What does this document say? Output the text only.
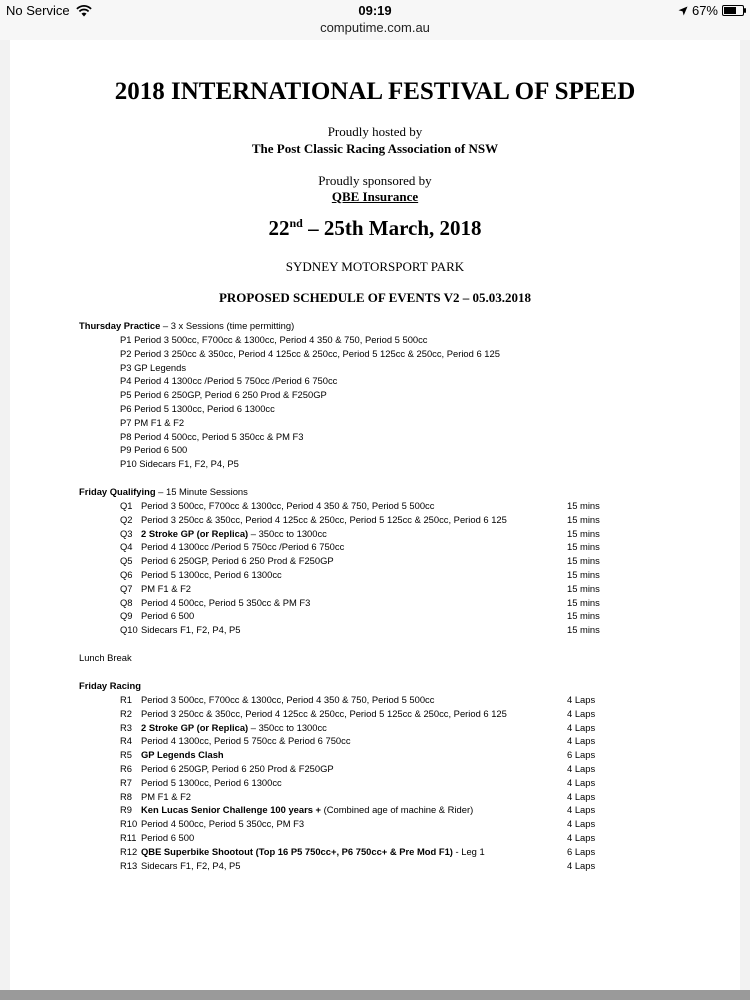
No Service	09:19
computime.com.au
67%
2018 INTERNATIONAL FESTIVAL OF SPEED
Proudly hosted by
The Post Classic Racing Association of NSW
Proudly sponsored by
QBE Insurance
22nd – 25th March, 2018
SYDNEY MOTORSPORT PARK
PROPOSED SCHEDULE OF EVENTS V2 – 05.03.2018
Thursday Practice – 3 x Sessions (time permitting)
P1 Period 3 500cc, F700cc & 1300cc, Period 4 350 & 750, Period 5 500cc
P2 Period 3 250cc & 350cc, Period 4 125cc & 250cc, Period 5 125cc & 250cc, Period 6 125
P3 GP Legends
P4 Period 4 1300cc /Period 5 750cc /Period 6 750cc
P5 Period 6 250GP, Period 6 250 Prod & F250GP
P6 Period 5 1300cc, Period 6 1300cc
P7 PM F1 & F2
P8 Period 4 500cc, Period 5 350cc & PM F3
P9 Period 6 500
P10 Sidecars F1, F2, P4, P5
Friday Qualifying – 15 Minute Sessions
Q1 Period 3 500cc, F700cc & 1300cc, Period 4 350 & 750, Period 5 500cc	15 mins
Q2 Period 3 250cc & 350cc, Period 4 125cc & 250cc, Period 5 125cc & 250cc, Period 6 125	15 mins
Q3 2 Stroke GP (or Replica) – 350cc to 1300cc	15 mins
Q4 Period 4 1300cc /Period 5 750cc /Period 6 750cc	15 mins
Q5 Period 6 250GP, Period 6 250 Prod & F250GP	15 mins
Q6 Period 5 1300cc, Period 6 1300cc	15 mins
Q7 PM F1 & F2	15 mins
Q8 Period 4 500cc, Period 5 350cc & PM F3	15 mins
Q9 Period 6 500	15 mins
Q10 Sidecars F1, F2, P4, P5	15 mins
Lunch Break
Friday Racing
R1 Period 3 500cc, F700cc & 1300cc, Period 4 350 & 750, Period 5 500cc	4 Laps
R2 Period 3 250cc & 350cc, Period 4 125cc & 250cc, Period 5 125cc & 250cc, Period 6 125	4 Laps
R3 2 Stroke GP (or Replica) – 350cc to 1300cc	4 Laps
R4 Period 4 1300cc, Period 5 750cc & Period 6 750cc	4 Laps
R5 GP Legends Clash	6 Laps
R6 Period 6 250GP, Period 6 250 Prod & F250GP	4 Laps
R7 Period 5 1300cc, Period 6 1300cc	4 Laps
R8 PM F1 & F2	4 Laps
R9 Ken Lucas Senior Challenge 100 years + (Combined age of machine & Rider)	4 Laps
R10 Period 4 500cc, Period 5 350cc, PM F3	4 Laps
R11 Period 6 500	4 Laps
R12 QBE Superbike Shootout (Top 16 P5 750cc+, P6 750cc+ & Pre Mod F1) - Leg 1	6 Laps
R13 Sidecars F1, F2, P4, P5	4 Laps
